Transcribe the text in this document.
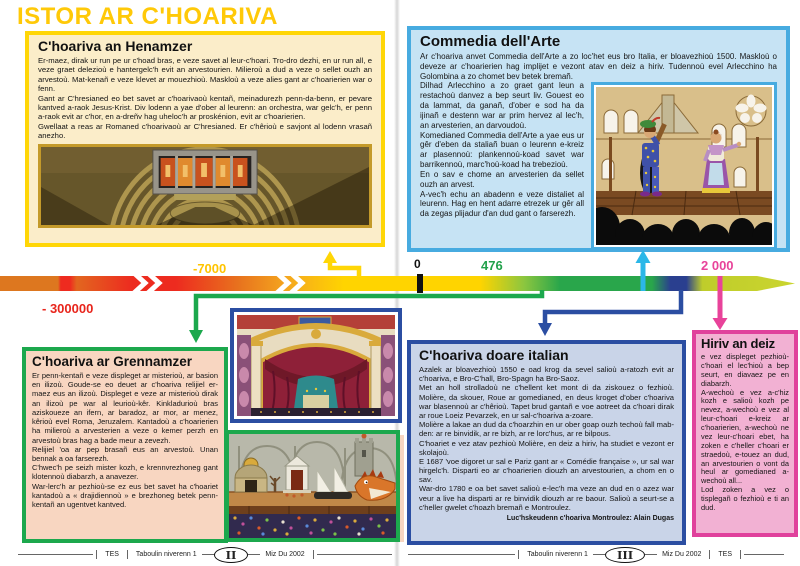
ISTOR AR C'HOARIVA
C'hoariva an Henamzer

Er-maez, dirak ur run pe ur c'hoad bras, e veze savet al leur-c'hoari. Tro-dro dezhi, en ur run all, e veze graet delezioù e hantergelc'h evit an arvestourien. Milieroù a dud a veze o sellet ouzh an arvestoù. Mat-kenañ e veze klevet ar mouezhioù. Maskloù a veze alies gant ar c'hoarierien war o fenn.

Gant ar C'hresianed eo bet savet ar c'hoarivaoù kentañ, meinadurezh penn-da-benn, er pevare kantved a-raok Jesus-Krist. Div lodenn a yae d'ober al leurenn: an orchestra, war gelc'h, er penn a-raok evit ar c'hor, en a-dreñv hag uheloc'h ar proskénion, evit ar c'hoarierien.

Gwellaat a reas ar Romaned c'hoarivaoù ar C'hresianed. Er c'hêrioù e savjont al lodenn vrasañ anezho.

Commedia dell'Arte

Ar c'hoariva anvet Commedia dell'Arte a zo loc'het eus bro Italia, er bloavezhioù 1500. Maskloù o deveze ar c'hoarierien hag implijet e vezont atav en deiz a hiriv. Tudennoù evel Arlecchino ha Golombina a zo chomet bev betek bremañ.

Dilhad Arlecchino a zo graet gant leun a restachoù danvez a bep seurt liv. Gouest eo da lammat, da ganañ, d'ober e sod ha da ijinañ e destenn war ar prim hervez al lec'h, an arvesterien, an darvoudoù.

Komedianed Commedia dell'Arte a yae eus ur gêr d'eben da staliañ buan o leurenn e-kreiz ar plasennoù: plankennoù-koad savet war barrikennoù, marc'hoù-koad ha trebezioù.

En o sav e chome an arvesterien da sellet ouzh an arvest.

A-vec'h echu an abadenn e veze distaliet al leurenn. Hag en hent adarre etrezek ur gêr all da zegas plijadur d'an dud gant o farserezh.

C'hoariva ar Grennamzer

Er penn-kentañ e veze displeget ar misterioù, ar basion en ilizoù. Goude-se eo deuet ar c'hoariva relijiel er-maez eus an ilizoù. Displeget e veze ar misterioù dirak an ilizoù pe war al leurioù-kêr. Kinkladurioù bras aziskoueze an ifern, ar baradoz, ar mor, ar menez, kêrioù evel Roma, Jeruzalem. Kantadoù a c'hoarierien ha milieroù a arvesterien a veze o kemer perzh en arvestoù bras hag a bade meur a zevezh.

Relijiel 'oa ar pep brasañ eus an arvestoù. Unan bennak a oa farserezh.

C'hwec'h pe seizh mister kozh, e krennvrezhoneg gant klotennoù diabarzh, a anavezer.

War-lerc'h ar pezhioù-se ez eus bet savet ha c'hoariet kantadoù a « drajidiennoù » e brezhoneg betek penn-kentañ an ugentvet kantved.

C'hoariva doare italian

Azalek ar bloavezhioù 1550 e oad krog da sevel salioù a-ratozh evit ar c'hoariva, e Bro-C'hall, Bro-Spagn ha Bro-Saoz.

Met an holl strolladoù ne c'hellent ket mont di da ziskouez o fezhioù. Molière, da skouer, Roue ar gomedianed, en deus kroget d'ober c'hoariva war blasennoù ar c'hêrioù. Tapet brud gantañ e voe aotreet da c'hoari dirak ar roue Loeiz Pevarzek, en ur sal-c'hoariva a-zoare.

Molière a lakae an dud da c'hoarzhin en ur ober goap ouzh techoù fall mab-den: ar re binvidik, ar re bizh, ar re lorc'hus, ar re bilpous.

C'hoariet e vez atav pezhioù Molière, en deiz a hiriv, ha studiet e vezont er skolajoù.

E 1687 'voe digoret ur sal e Pariz gant ar « Comédie française », ur sal war hirgelc'h. Disparti eo ar c'hoarierien diouzh an arvestourien, a chom en o sav.

War-dro 1780 e oa bet savet salioù e-lec'h ma veze an dud en o azez war veur a live ha disparti ar re binvidik diouzh ar re baour. Salioù a seurt-se a c'heller gwelet c'hoazh bremañ e Montroulez.

Luc'hskeudenn c'hoariva Montroulez: Alain Dugas

Hiriv an deiz

e vez displeget pezhioù-c'hoari el lec'hioù a bep seurt, en diavaez pe en diabarzh.

A-wechoù e vez a-c'hiz kozh e salioù kozh pe nevez, a-wechoù e vez al leur-c'hoari e-kreiz ar c'hoarierien, a-wechoù ne vez leur-c'hoari ebet, ha zoken e c'heller c'hoari er straedoù, e-touez an dud, an arvestourien o vont da heul ar gomedianed a-wechoù all...

Lod zoken a vez o tisplegañ o fezhioù e ti an dud.

- 300000
-7000	0	476	2 000
TES	Taboulin niverenn 1	II	Miz Du 2002	Taboulin niverenn 1	III	Miz Du 2002	TES
